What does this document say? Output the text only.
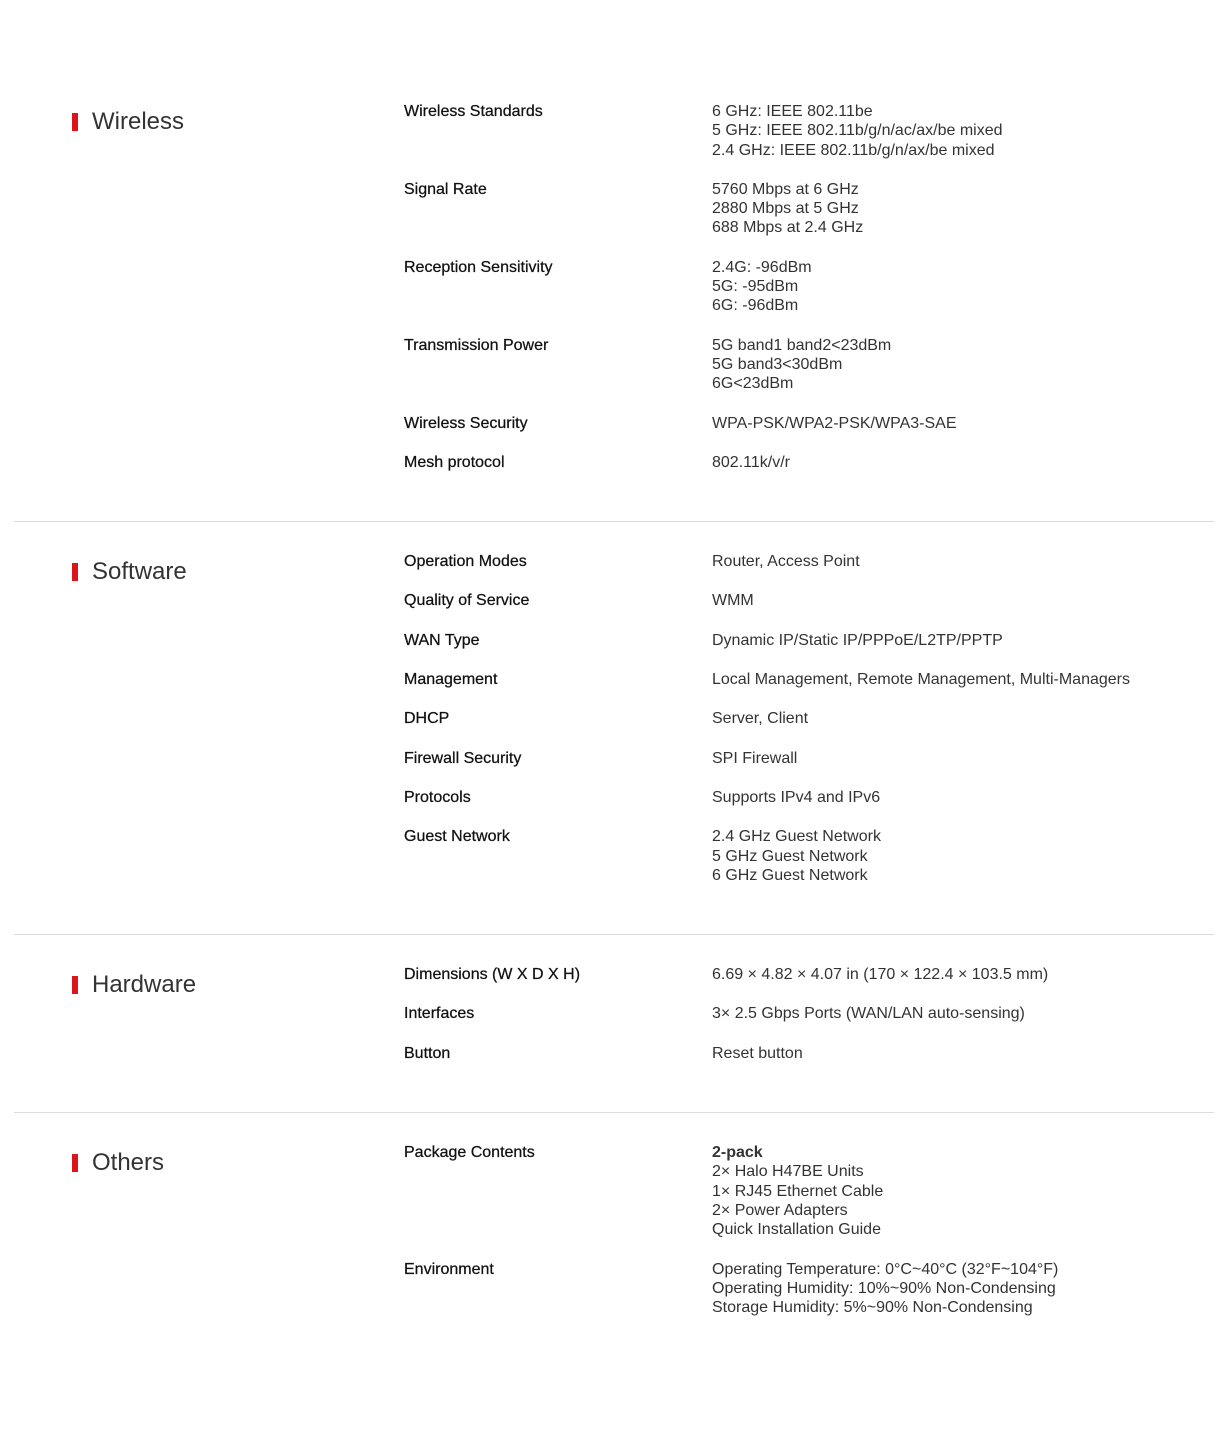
Wireless	Wireless Standards	6 GHz: IEEE 802.11be
5 GHz: IEEE 802.11b/g/n/ac/ax/be mixed
2.4 GHz: IEEE 802.11b/g/n/ax/be mixed
Signal Rate	5760 Mbps at 6 GHz
2880 Mbps at 5 GHz
688 Mbps at 2.4 GHz
Reception Sensitivity	2.4G: -96dBm
5G: -95dBm
6G: -96dBm
Transmission Power	5G band1 band2<23dBm
5G band3<30dBm
6G<23dBm
Wireless Security	WPA-PSK/WPA2-PSK/WPA3-SAE
Mesh protocol	802.11k/v/r
Software	Operation Modes	Router, Access Point
Quality of Service	WMM
WAN Type	Dynamic IP/Static IP/PPPoE/L2TP/PPTP
Management	Local Management, Remote Management, Multi-Managers
DHCP	Server, Client
Firewall Security	SPI Firewall
Protocols	Supports IPv4 and IPv6
Guest Network	2.4 GHz Guest Network
5 GHz Guest Network
6 GHz Guest Network
Hardware	Dimensions (W X D X H)	6.69 × 4.82 × 4.07 in (170 × 122.4 × 103.5 mm)
Interfaces	3× 2.5 Gbps Ports (WAN/LAN auto-sensing)
Button	Reset button
Others	Package Contents	2-pack
2× Halo H47BE Units
1× RJ45 Ethernet Cable
2× Power Adapters
Quick Installation Guide
Environment	Operating Temperature: 0°C~40°C (32°F~104°F)
Operating Humidity: 10%~90% Non-Condensing
Storage Humidity: 5%~90% Non-Condensing
